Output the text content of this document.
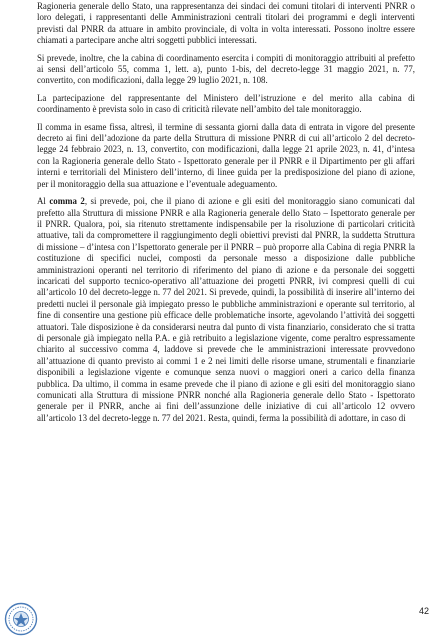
Ragioneria generale dello Stato, una rappresentanza dei sindaci dei comuni titolari di interventi PNRR o loro delegati, i rappresentanti delle Amministrazioni centrali titolari dei programmi e degli interventi previsti dal PNRR da attuare in ambito provinciale, di volta in volta interessati. Possono inoltre essere chiamati a partecipare anche altri soggetti pubblici interessati.

Si prevede, inoltre, che la cabina di coordinamento esercita i compiti di monitoraggio attribuiti al prefetto ai sensi dell’articolo 55, comma 1, lett. a), punto 1-bis, del decreto-legge 31 maggio 2021, n. 77, convertito, con modificazioni, dalla legge 29 luglio 2021, n. 108.

La partecipazione del rappresentante del Ministero dell’istruzione e del merito alla cabina di coordinamento è prevista solo in caso di criticità rilevate nell’ambito del tale monitoraggio.

Il comma in esame fissa, altresì, il termine di sessanta giorni dalla data di entrata in vigore del presente decreto ai fini dell’adozione da parte della Struttura di missione PNRR di cui all’articolo 2 del decreto-legge 24 febbraio 2023, n. 13, convertito, con modificazioni, dalla legge 21 aprile 2023, n. 41, d’intesa con la Ragioneria generale dello Stato - Ispettorato generale per il PNRR e il Dipartimento per gli affari interni e territoriali del Ministero dell’interno, di linee guida per la predisposizione del piano di azione, per il monitoraggio della sua attuazione e l’eventuale adeguamento.

Al comma 2, si prevede, poi, che il piano di azione e gli esiti del monitoraggio siano comunicati dal prefetto alla Struttura di missione PNRR e alla Ragioneria generale dello Stato – Ispettorato generale per il PNRR. Qualora, poi, sia ritenuto strettamente indispensabile per la risoluzione di particolari criticità attuative, tali da compromettere il raggiungimento degli obiettivi previsti dal PNRR, la suddetta Struttura di missione – d’intesa con l’Ispettorato generale per il PNRR – può proporre alla Cabina di regia PNRR la costituzione di specifici nuclei, composti da personale messo a disposizione dalle pubbliche amministrazioni operanti nel territorio di riferimento del piano di azione e da personale dei soggetti incaricati del supporto tecnico-operativo all’attuazione dei progetti PNRR, ivi compresi quelli di cui all’articolo 10 del decreto-legge n. 77 del 2021. Si prevede, quindi, la possibilità di inserire all’interno dei predetti nuclei il personale già impiegato presso le pubbliche amministrazioni e operante sul territorio, al fine di consentire una gestione più efficace delle problematiche insorte, agevolando l’attività dei soggetti attuatori. Tale disposizione è da considerarsi neutra dal punto di vista finanziario, considerato che si tratta di personale già impiegato nella P.A. e già retribuito a legislazione vigente, come peraltro espressamente chiarito al successivo comma 4, laddove si prevede che le amministrazioni interessate provvedono all’attuazione di quanto previsto ai commi 1 e 2 nei limiti delle risorse umane, strumentali e finanziarie disponibili a legislazione vigente e comunque senza nuovi o maggiori oneri a carico della finanza pubblica. Da ultimo, il comma in esame prevede che il piano di azione e gli esiti del monitoraggio siano comunicati alla Struttura di missione PNRR nonché alla Ragioneria generale dello Stato - Ispettorato generale per il PNRR, anche ai fini dell’assunzione delle iniziative di cui all’articolo 12 ovvero all’articolo 13 del decreto-legge n. 77 del 2021. Resta, quindi, ferma la possibilità di adottare, in caso di

42
